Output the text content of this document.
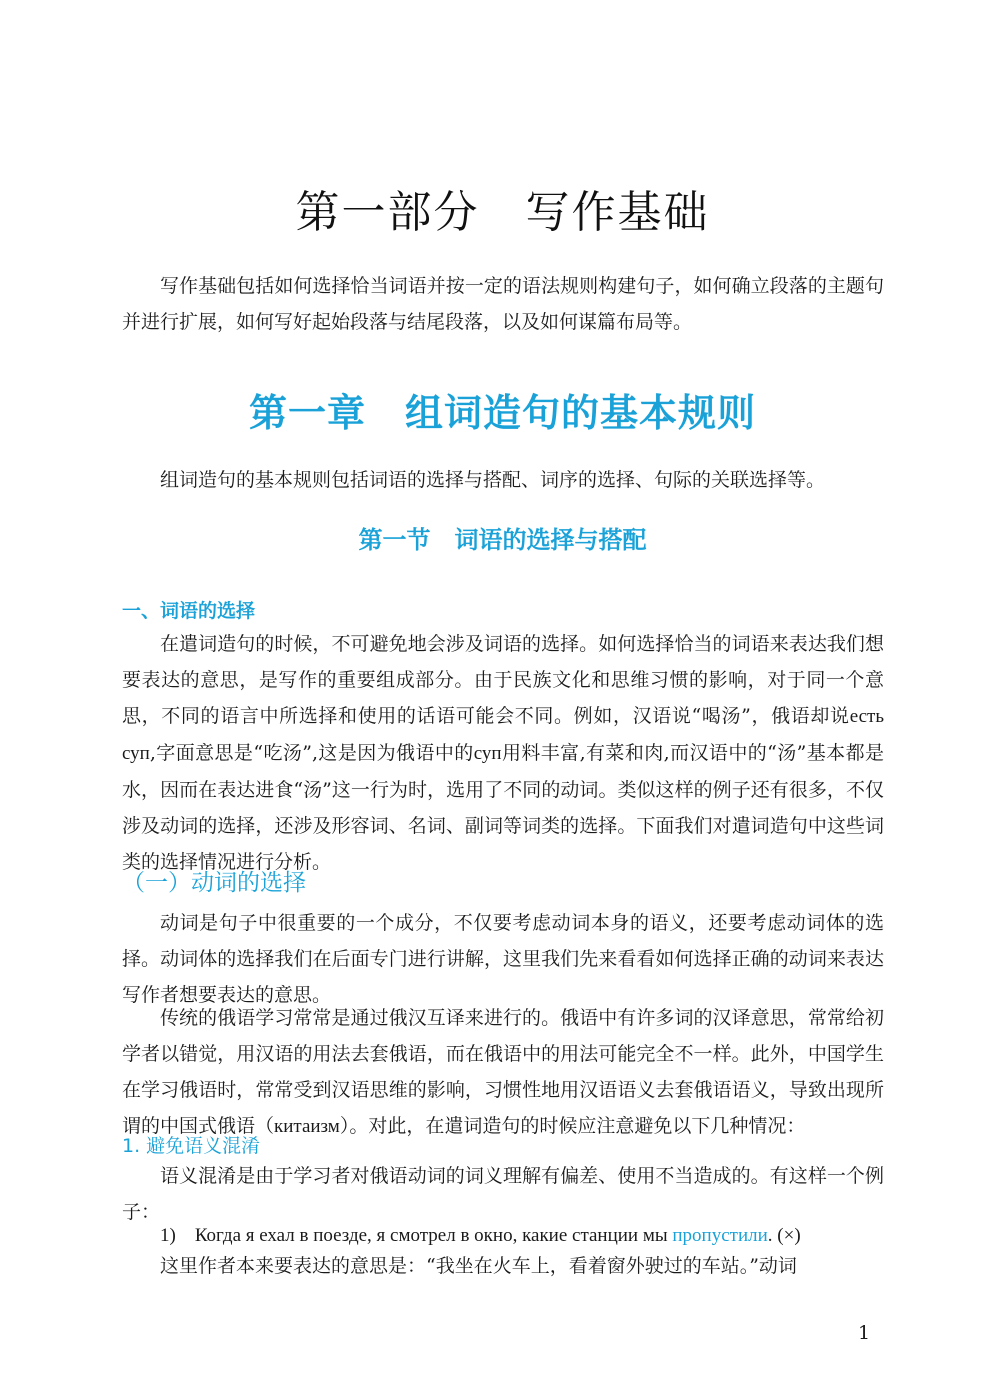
第一部分　写作基础

写作基础包括如何选择恰当词语并按一定的语法规则构建句子，如何确立段落的主题句并进行扩展，如何写好起始段落与结尾段落，以及如何谋篇布局等。

第一章　组词造句的基本规则

组词造句的基本规则包括词语的选择与搭配、词序的选择、句际的关联选择等。

第一节　词语的选择与搭配
一、词语的选择

在遣词造句的时候，不可避免地会涉及词语的选择。如何选择恰当的词语来表达我们想要表达的意思，是写作的重要组成部分。由于民族文化和思维习惯的影响，对于同一个意思，不同的语言中所选择和使用的话语可能会不同。例如，汉语说“喝汤”，俄语却说есть суп,字面意思是“吃汤”,这是因为俄语中的суп用料丰富,有菜和肉,而汉语中的“汤”基本都是水，因而在表达进食“汤”这一行为时，选用了不同的动词。类似这样的例子还有很多，不仅涉及动词的选择，还涉及形容词、名词、副词等词类的选择。下面我们对遣词造句中这些词类的选择情况进行分析。

（一）动词的选择

动词是句子中很重要的一个成分，不仅要考虑动词本身的语义，还要考虑动词体的选择。动词体的选择我们在后面专门进行讲解，这里我们先来看看如何选择正确的动词来表达写作者想要表达的意思。

传统的俄语学习常常是通过俄汉互译来进行的。俄语中有许多词的汉译意思，常常给初学者以错觉，用汉语的用法去套俄语，而在俄语中的用法可能完全不一样。此外，中国学生在学习俄语时，常常受到汉语思维的影响，习惯性地用汉语语义去套俄语语义，导致出现所谓的中国式俄语（китаизм）。对此，在遣词造句的时候应注意避免以下几种情况：

1. 避免语义混淆

语义混淆是由于学习者对俄语动词的词义理解有偏差、使用不当造成的。有这样一个例子：

1) Когда я ехал в поезде, я смотрел в окно, какие станции мы пропустили. (×)

这里作者本来要表达的意思是：“我坐在火车上，看着窗外驶过的车站。”动词

1
